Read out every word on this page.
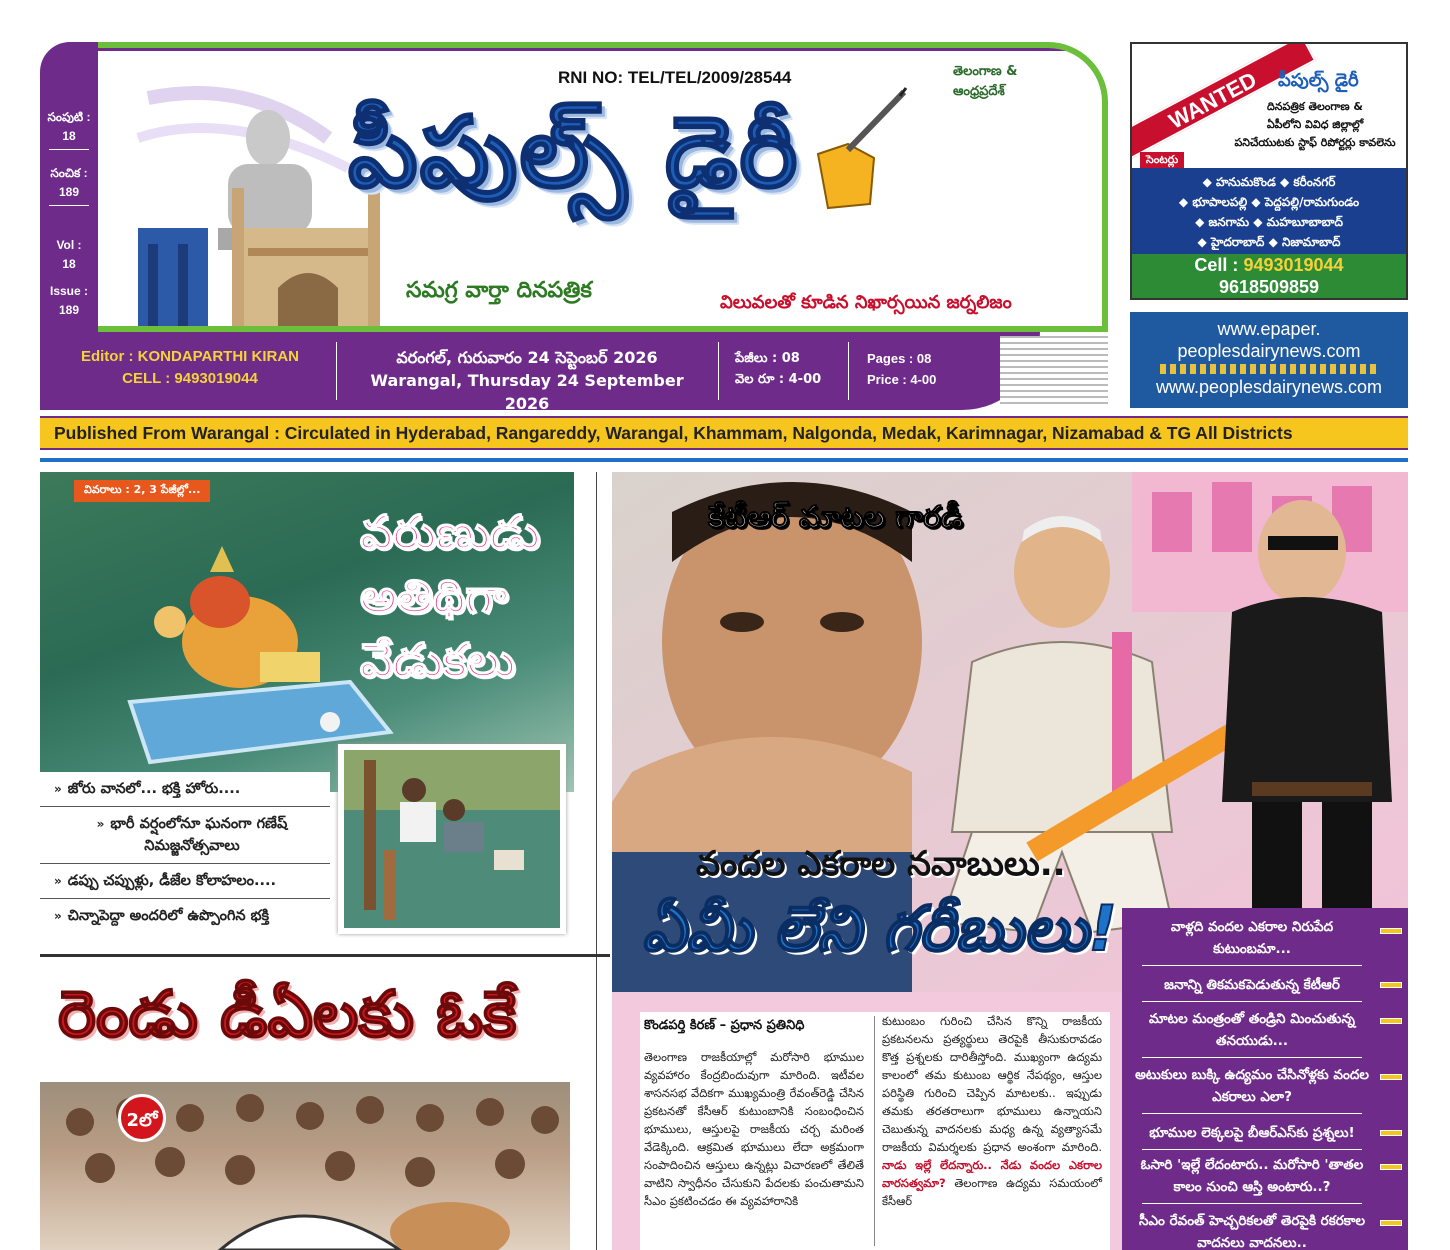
సంపుటి :
18
సంచిక :
189
Vol :
18
Issue :
189
RNI NO: TEL/TEL/2009/28544	తెలంగాణ &
ఆంధ్రప్రదేశ్
పీపుల్స్ డైరీ
సమగ్ర వార్తా దినపత్రిక	విలువలతో కూడిన నిఖార్సయిన జర్నలిజం
Editor : KONDAPARTHI KIRAN
CELL : 9493019044
వరంగల్, గురువారం 24 సెప్టెంబర్ 2026
Warangal, Thursday 24 September 2026
పేజీలు : 08
వెల రూ : 4-00
Pages : 08
Price : 4-00
WANTED పీపుల్స్ డైరీ
దినపత్రిక తెలంగాణ &
ఏపీలోని వివిధ జిల్లాల్లో
పనిచేయుటకు స్టాఫ్ రిపోర్టర్లు కావలెను
సెంటర్లు
◆ హనుమకొండ ◆ కరీంనగర్
◆ భూపాలపల్లి ◆ పెద్దపల్లి/రామగుండం
◆ జనగామ ◆ మహబూబాబాద్
◆ హైదరాబాద్ ◆ నిజామాబాద్
Cell : 9493019044
9618509859
www.epaper.
peoplesdairynews.com
www.peoplesdairynews.com
Published From Warangal : Circulated in Hyderabad, Rangareddy, Warangal, Khammam, Nalgonda, Medak, Karimnagar, Nizamabad & TG All Districts
వివరాలు : 2, 3 పేజీల్లో...
వరుణుడు
అతిథిగా
వేడుకలు
» జోరు వానలో... భక్తి హోరు....
» భారీ వర్షంలోనూ ఘనంగా గణేష్ నిమజ్జనోత్సవాలు
» డప్పు చప్పుళ్లు, డీజేల కోలాహలం....
» చిన్నాపెద్దా అందరిలో ఉప్పొంగిన భక్తి
రెండు డీఏలకు ఓకే
2లో
కేటీఆర్ మాటల గారడీ
వందల ఎకరాల నవాబులు..
ఏమీ లేని గరీబులు!
కొండపర్తి కిరణ్ – ప్రధాన ప్రతినిధి
తెలంగాణ రాజకీయాల్లో మరోసారి భూముల వ్యవహారం కేంద్రబిందువుగా మారింది. ఇటీవల శాసనసభ వేదికగా ముఖ్యమంత్రి రేవంత్‌రెడ్డి చేసిన ప్రకటనతో కేసీఆర్ కుటుంబానికి సంబంధించిన భూములు, ఆస్తులపై రాజకీయ చర్చ మరింత వేడెక్కింది. ఆక్రమిత భూములు లేదా అక్రమంగా సంపాదించిన ఆస్తులు ఉన్నట్లు విచారణలో తేలితే వాటిని స్వాధీనం చేసుకుని పేదలకు పంచుతామని సీఎం ప్రకటించడం ఈ వ్యవహారానికి
కుటుంబం గురించి చేసిన కొన్ని రాజకీయ ప్రకటనలను ప్రత్యర్థులు తెరపైకి తీసుకురావడం కొత్త ప్రశ్నలకు దారితీస్తోంది. ముఖ్యంగా ఉద్యమ కాలంలో తమ కుటుంబ ఆర్థిక నేపథ్యం, ఆస్తుల పరిస్థితి గురించి చెప్పిన మాటలకు.. ఇప్పుడు తమకు తరతరాలుగా భూములు ఉన్నాయని చెబుతున్న వాదనలకు మధ్య ఉన్న వ్యత్యాసమే రాజకీయ విమర్శలకు ప్రధాన అంశంగా మారింది. నాడు ఇల్లే లేదన్నారు.. నేడు వందల ఎకరాల వారసత్వమా? తెలంగాణ ఉద్యమ సమయంలో కేసీఆర్
వాళ్లది వందల ఎకరాల నిరుపేద కుటుంబమా...
జనాన్ని తికమకపెడుతున్న కేటీఆర్
మాటల మంత్రంతో తండ్రిని మించుతున్న తనయుడు...
అటుకులు బుక్కి ఉద్యమం చేసినోళ్లకు వందల ఎకరాలు ఎలా?
భూముల లెక్కలపై బీఆర్ఎస్‌కు ప్రశ్నలు!
ఓసారి 'ఇల్లే లేదంటారు.. మరోసారి 'తాతల కాలం నుంచి ఆస్తి అంటారు..?
సీఎం రేవంత్ హెచ్చరికలతో తెరపైకి రకరకాల వాదనలు వాదనలు..
